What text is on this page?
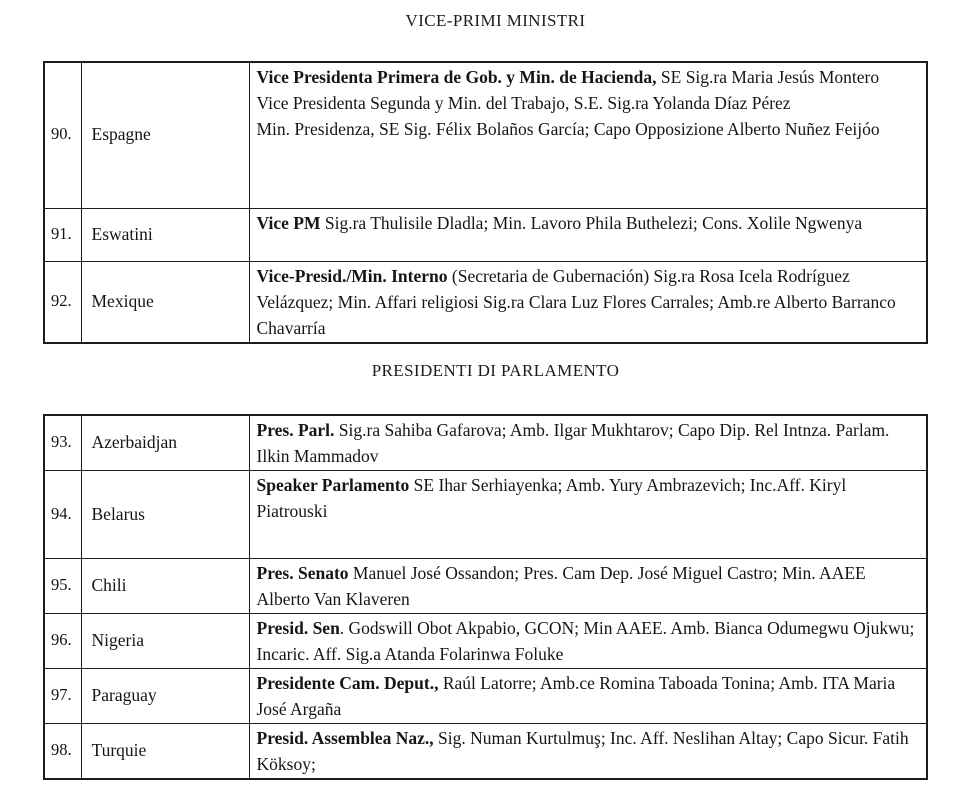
VICE-PRIMI MINISTRI
90.	Espagne	Vice Presidenta Primera de Gob. y Min. de Hacienda, SE Sig.ra Maria Jesús Montero
Vice Presidenta Segunda y Min. del Trabajo, S.E. Sig.ra Yolanda Díaz Pérez
Min. Presidenza, SE Sig. Félix Bolaños García; Capo Opposizione Alberto Nuñez Feijóo

91.	Eswatini	Vice PM Sig.ra Thulisile Dladla; Min. Lavoro Phila Buthelezi; Cons. Xolile Ngwenya

92.	Mexique	Vice-Presid./Min. Interno (Secretaria de Gubernación) Sig.ra Rosa Icela Rodríguez Velázquez; Min. Affari religiosi Sig.ra Clara Luz Flores Carrales; Amb.re Alberto Barranco Chavarría
PRESIDENTI DI PARLAMENTO
93.	Azerbaidjan	Pres. Parl. Sig.ra Sahiba Gafarova; Amb. Ilgar Mukhtarov; Capo Dip. Rel Intnza. Parlam. Ilkin Mammadov

94.	Belarus	Speaker Parlamento SE Ihar Serhiayenka; Amb. Yury Ambrazevich; Inc.Aff. Kiryl Piatrouski

95.	Chili	Pres. Senato Manuel José Ossandon; Pres. Cam Dep. José Miguel Castro; Min. AAEE Alberto Van Klaveren

96.	Nigeria	Presid. Sen. Godswill Obot Akpabio, GCON; Min AAEE. Amb. Bianca Odumegwu Ojukwu; Incaric. Aff. Sig.a Atanda Folarinwa Foluke

97.	Paraguay	Presidente Cam. Deput., Raúl Latorre; Amb.ce Romina Taboada Tonina; Amb. ITA Maria José Argaña

98.	Turquie	Presid. Assemblea Naz., Sig. Numan Kurtulmuş; Inc. Aff. Neslihan Altay; Capo Sicur. Fatih Köksoy;
